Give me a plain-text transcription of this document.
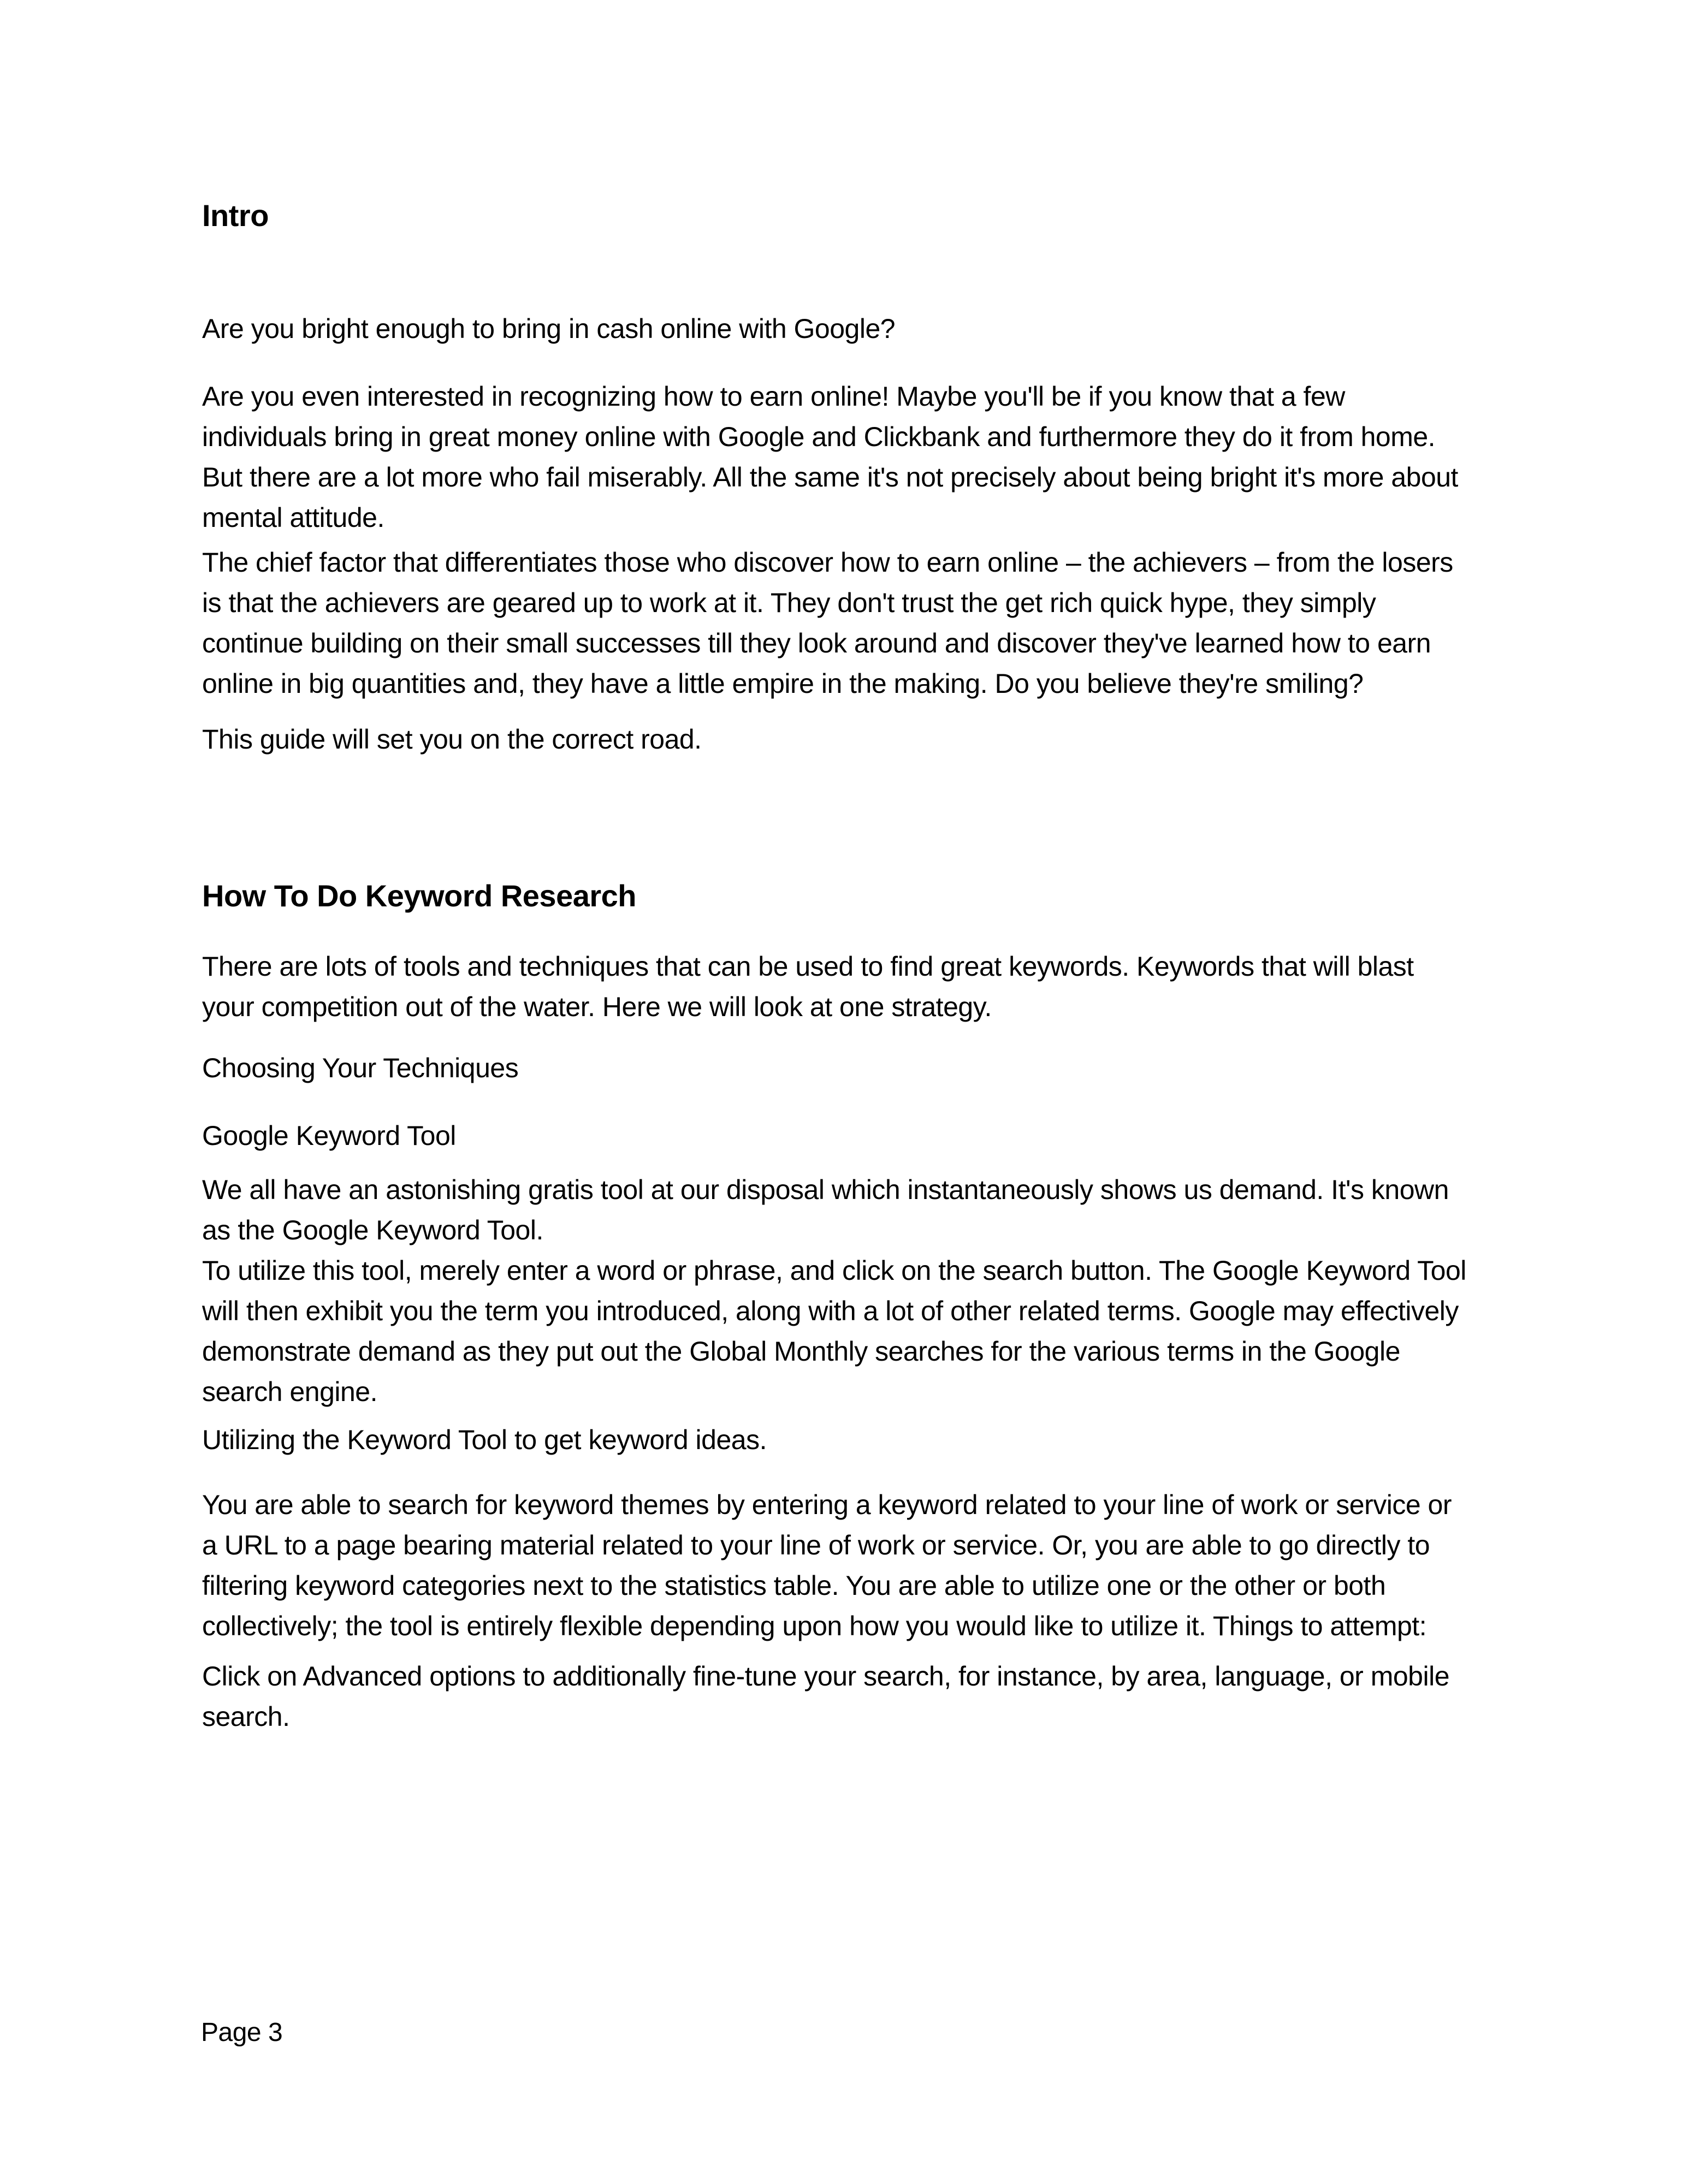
Intro

Are you bright enough to bring in cash online with Google?

Are you even interested in recognizing how to earn online! Maybe you'll be if you know that a few individuals bring in great money online with Google and Clickbank and furthermore they do it from home. But there are a lot more who fail miserably. All the same it's not precisely about being bright it's more about mental attitude.

The chief factor that differentiates those who discover how to earn online – the achievers – from the losers is that the achievers are geared up to work at it. They don't trust the get rich quick hype, they simply continue building on their small successes till they look around and discover they've learned how to earn online in big quantities and, they have a little empire in the making. Do you believe they're smiling?

This guide will set you on the correct road.

How To Do Keyword Research

There are lots of tools and techniques that can be used to find great keywords. Keywords that will blast your competition out of the water. Here we will look at one strategy.

Choosing Your Techniques

Google Keyword Tool

We all have an astonishing gratis tool at our disposal which instantaneously shows us demand. It's known as the Google Keyword Tool.

To utilize this tool, merely enter a word or phrase, and click on the search button. The Google Keyword Tool will then exhibit you the term you introduced, along with a lot of other related terms. Google may effectively demonstrate demand as they put out the Global Monthly searches for the various terms in the Google search engine.

Utilizing the Keyword Tool to get keyword ideas.

You are able to search for keyword themes by entering a keyword related to your line of work or service or a URL to a page bearing material related to your line of work or service. Or, you are able to go directly to filtering keyword categories next to the statistics table. You are able to utilize one or the other or both collectively; the tool is entirely flexible depending upon how you would like to utilize it. Things to attempt:

Click on Advanced options to additionally fine-tune your search, for instance, by area, language, or mobile search.

Page 3
